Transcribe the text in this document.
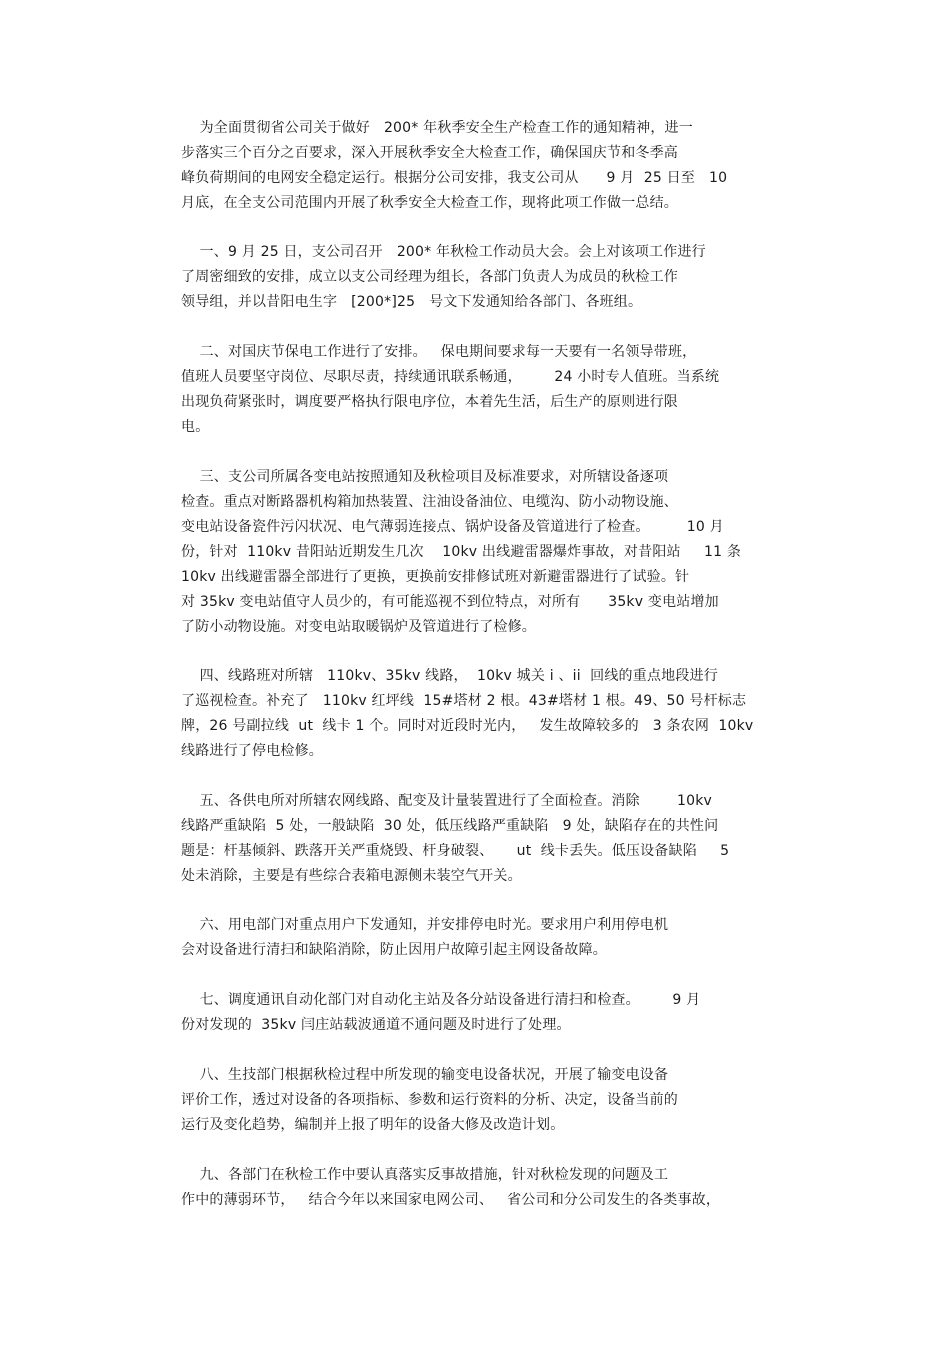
为全面贯彻省公司关于做好   200* 年秋季安全生产检查工作的通知精神，进一
步落实三个百分之百要求，深入开展秋季安全大检查工作，确保国庆节和冬季高
峰负荷期间的电网安全稳定运行。根据分公司安排，我支公司从      9 月  25 日至   10
月底，在全支公司范围内开展了秋季安全大检查工作，现将此项工作做一总结。
一、9 月 25 日，支公司召开   200* 年秋检工作动员大会。会上对该项工作进行
了周密细致的安排，成立以支公司经理为组长，各部门负责人为成员的秋检工作
领导组，并以昔阳电生字   [200*]25   号文下发通知给各部门、各班组。
二、对国庆节保电工作进行了安排。   保电期间要求每一天要有一名领导带班，
值班人员要坚守岗位、尽职尽责，持续通讯联系畅通，       24 小时专人值班。当系统
出现负荷紧张时，调度要严格执行限电序位，本着先生活，后生产的原则进行限
电。
三、支公司所属各变电站按照通知及秋检项目及标准要求，对所辖设备逐项
检查。重点对断路器机构箱加热装置、注油设备油位、电缆沟、防小动物设施、
变电站设备瓷件污闪状况、电气薄弱连接点、锅炉设备及管道进行了检查。        10 月
份，针对  110kv 昔阳站近期发生几次    10kv 出线避雷器爆炸事故，对昔阳站     11 条
10kv 出线避雷器全部进行了更换，更换前安排修试班对新避雷器进行了试验。针
对 35kv 变电站值守人员少的，有可能巡视不到位特点，对所有      35kv 变电站增加
了防小动物设施。对变电站取暖锅炉及管道进行了检修。
四、线路班对所辖   110kv、35kv 线路，  10kv 城关 i 、ii  回线的重点地段进行
了巡视检查。补充了   110kv 红坪线  15#塔材 2 根。43#塔材 1 根。49、50 号杆标志
牌，26 号副拉线  ut  线卡 1 个。同时对近段时光内，   发生故障较多的   3 条农网  10kv
线路进行了停电检修。
五、各供电所对所辖农网线路、配变及计量装置进行了全面检查。消除        10kv
线路严重缺陷  5 处，一般缺陷  30 处，低压线路严重缺陷   9 处，缺陷存在的共性问
题是：杆基倾斜、跌落开关严重烧毁、杆身破裂、     ut  线卡丢失。低压设备缺陷     5
处未消除，主要是有些综合表箱电源侧未装空气开关。
六、用电部门对重点用户下发通知，并安排停电时光。要求用户利用停电机
会对设备进行清扫和缺陷消除，防止因用户故障引起主网设备故障。
七、调度通讯自动化部门对自动化主站及各分站设备进行清扫和检查。       9 月
份对发现的  35kv 闫庄站载波通道不通问题及时进行了处理。
八、生技部门根据秋检过程中所发现的输变电设备状况，开展了输变电设备
评价工作，透过对设备的各项指标、参数和运行资料的分析、决定，设备当前的
运行及变化趋势，编制并上报了明年的设备大修及改造计划。
九、各部门在秋检工作中要认真落实反事故措施，针对秋检发现的问题及工
作中的薄弱环节，   结合今年以来国家电网公司、   省公司和分公司发生的各类事故，
